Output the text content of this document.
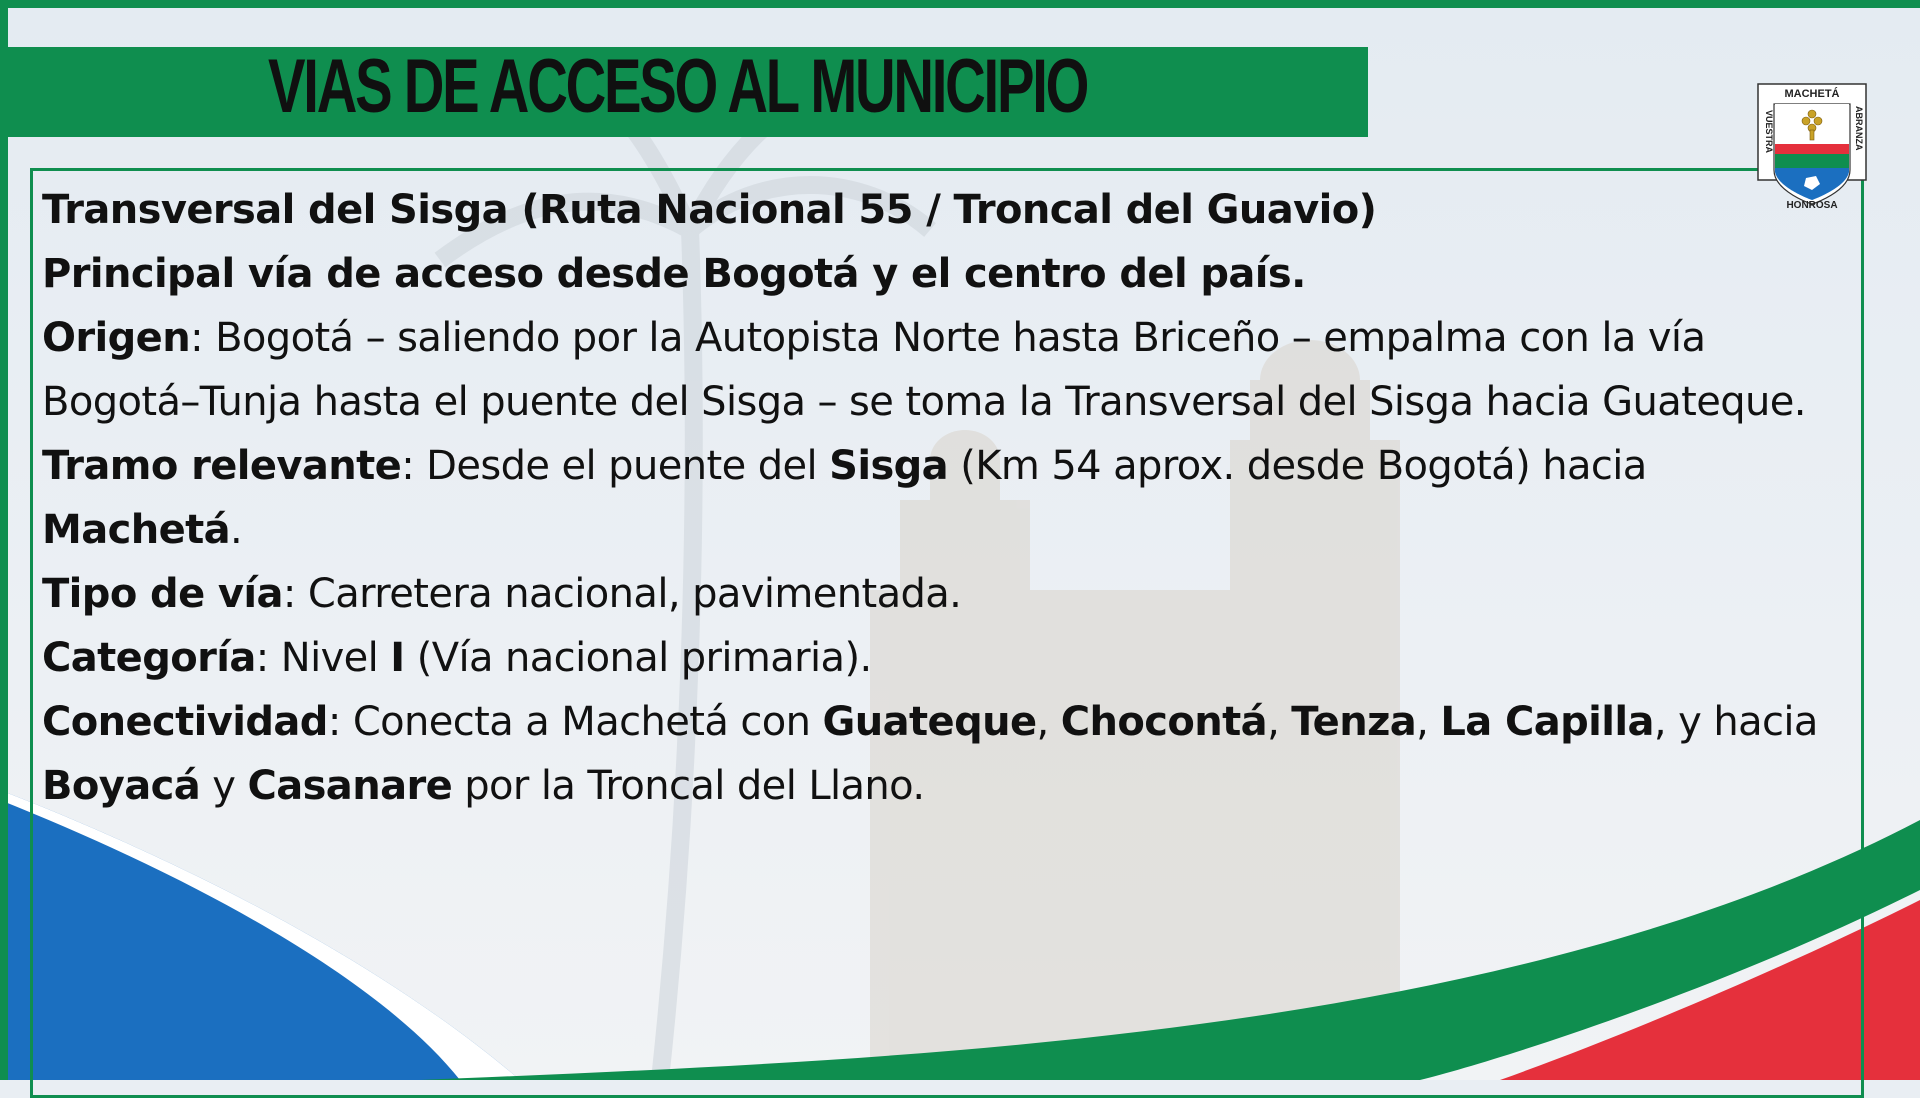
VIAS DE ACCESO AL MUNICIPIO	MACHETÁ
VUESTRA	ABRANZA
HONROSA

Transversal del Sisga (Ruta Nacional 55 / Troncal del Guavio)

Principal vía de acceso desde Bogotá y el centro del país.

Origen: Bogotá – saliendo por la Autopista Norte hasta Briceño – empalma con la vía Bogotá–Tunja hasta el puente del Sisga – se toma la Transversal del Sisga hacia Guateque.

Tramo relevante: Desde el puente del Sisga (Km 54 aprox. desde Bogotá) hacia Machetá.

Tipo de vía: Carretera nacional, pavimentada.

Categoría: Nivel I (Vía nacional primaria).

Conectividad: Conecta a Machetá con Guateque, Chocontá, Tenza, La Capilla, y hacia Boyacá y Casanare por la Troncal del Llano.
